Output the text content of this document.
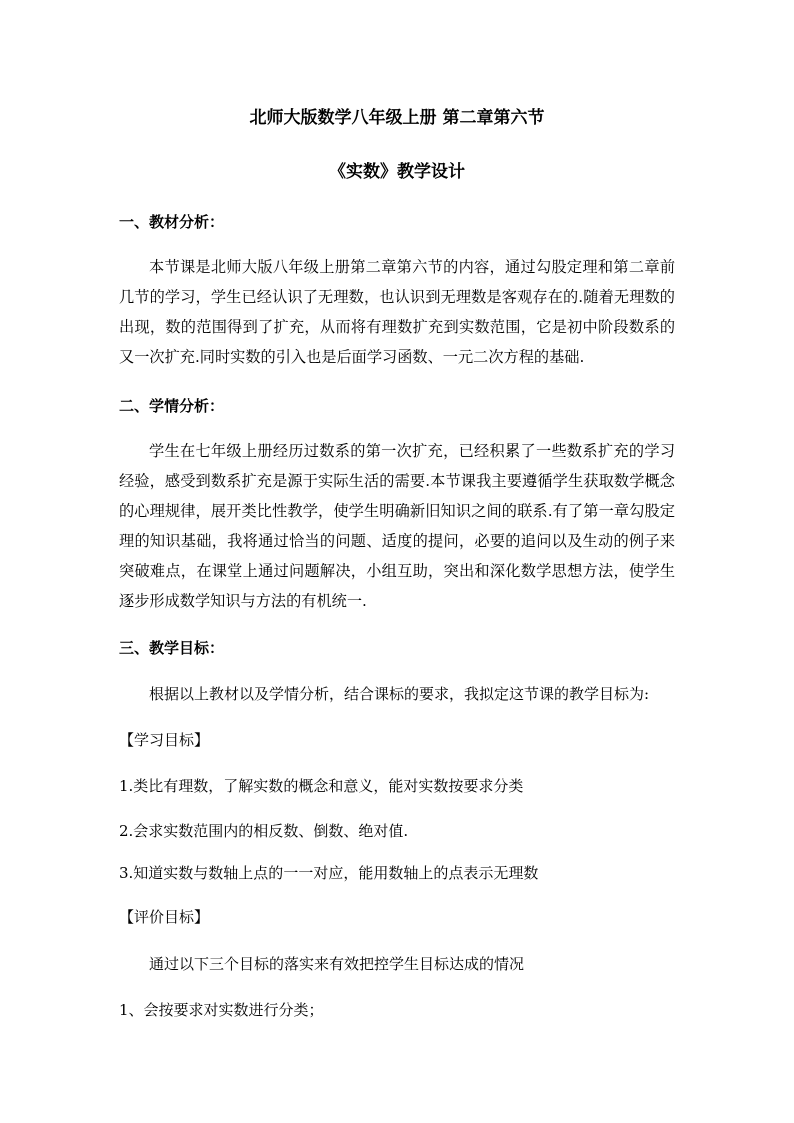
北师大版数学八年级上册 第二章第六节
《实数》教学设计
一、教材分析：

本节课是北师大版八年级上册第二章第六节的内容，通过勾股定理和第二章前几节的学习，学生已经认识了无理数，也认识到无理数是客观存在的.随着无理数的出现，数的范围得到了扩充，从而将有理数扩充到实数范围，它是初中阶段数系的又一次扩充.同时实数的引入也是后面学习函数、一元二次方程的基础.

二、学情分析：

学生在七年级上册经历过数系的第一次扩充，已经积累了一些数系扩充的学习经验，感受到数系扩充是源于实际生活的需要.本节课我主要遵循学生获取数学概念的心理规律，展开类比性教学，使学生明确新旧知识之间的联系.有了第一章勾股定理的知识基础，我将通过恰当的问题、适度的提问，必要的追问以及生动的例子来突破难点，在课堂上通过问题解决，小组互助，突出和深化数学思想方法，使学生逐步形成数学知识与方法的有机统一.

三、教学目标：
根据以上教材以及学情分析，结合课标的要求，我拟定这节课的教学目标为:
【学习目标】
1.类比有理数，了解实数的概念和意义，能对实数按要求分类
2.会求实数范围内的相反数、倒数、绝对值.
3.知道实数与数轴上点的一一对应，能用数轴上的点表示无理数
【评价目标】
通过以下三个目标的落实来有效把控学生目标达成的情况
1、会按要求对实数进行分类；
